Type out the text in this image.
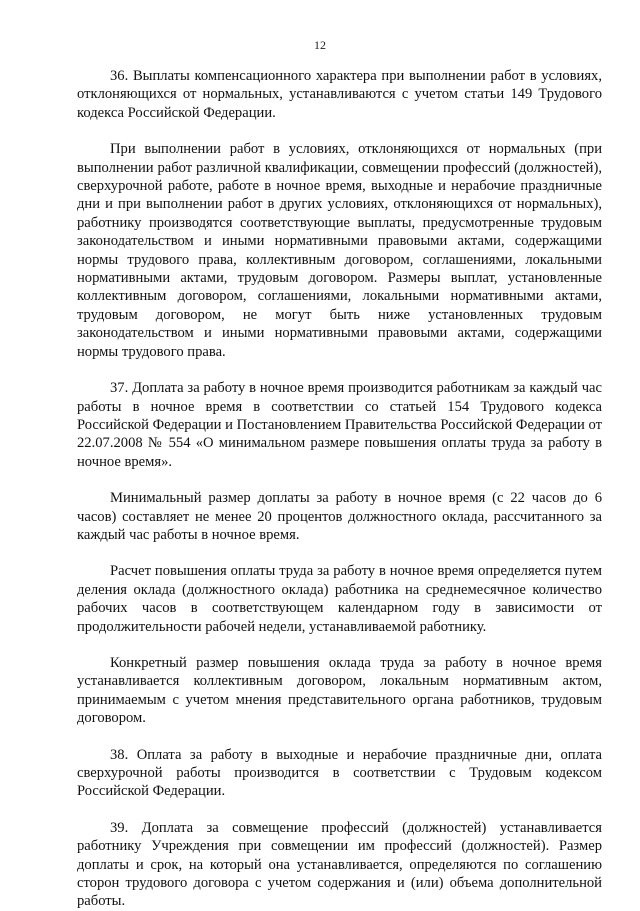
12

36. Выплаты компенсационного характера при выполнении работ в условиях, отклоняющихся от нормальных, устанавливаются с учетом статьи 149 Трудового кодекса Российской Федерации.

При выполнении работ в условиях, отклоняющихся от нормальных (при выполнении работ различной квалификации, совмещении профессий (должностей), сверхурочной работе, работе в ночное время, выходные и нерабочие праздничные дни и при выполнении работ в других условиях, отклоняющихся от нормальных), работнику производятся соответствующие выплаты, предусмотренные трудовым законодательством и иными нормативными правовыми актами, содержащими нормы трудового права, коллективным договором, соглашениями, локальными нормативными актами, трудовым договором. Размеры выплат, установленные коллективным договором, соглашениями, локальными нормативными актами, трудовым договором, не могут быть ниже установленных трудовым законодательством и иными нормативными правовыми актами, содержащими нормы трудового права.

37. Доплата за работу в ночное время производится работникам за каждый час работы в ночное время в соответствии со статьей 154 Трудового кодекса Российской Федерации и Постановлением Правительства Российской Федерации от 22.07.2008 № 554 «О минимальном размере повышения оплаты труда за работу в ночное время».

Минимальный размер доплаты за работу в ночное время (с 22 часов до 6 часов) составляет не менее 20 процентов должностного оклада, рассчитанного за каждый час работы в ночное время.

Расчет повышения оплаты труда за работу в ночное время определяется путем деления оклада (должностного оклада) работника на среднемесячное количество рабочих часов в соответствующем календарном году в зависимости от продолжительности рабочей недели, устанавливаемой работнику.

Конкретный размер повышения оклада труда за работу в ночное время устанавливается коллективным договором, локальным нормативным актом, принимаемым с учетом мнения представительного органа работников, трудовым договором.

38. Оплата за работу в выходные и нерабочие праздничные дни, оплата сверхурочной работы производится в соответствии с Трудовым кодексом Российской Федерации.

39. Доплата за совмещение профессий (должностей) устанавливается работнику Учреждения при совмещении им профессий (должностей). Размер доплаты и срок, на который она устанавливается, определяются по соглашению сторон трудового договора с учетом содержания и (или) объема дополнительной работы.
